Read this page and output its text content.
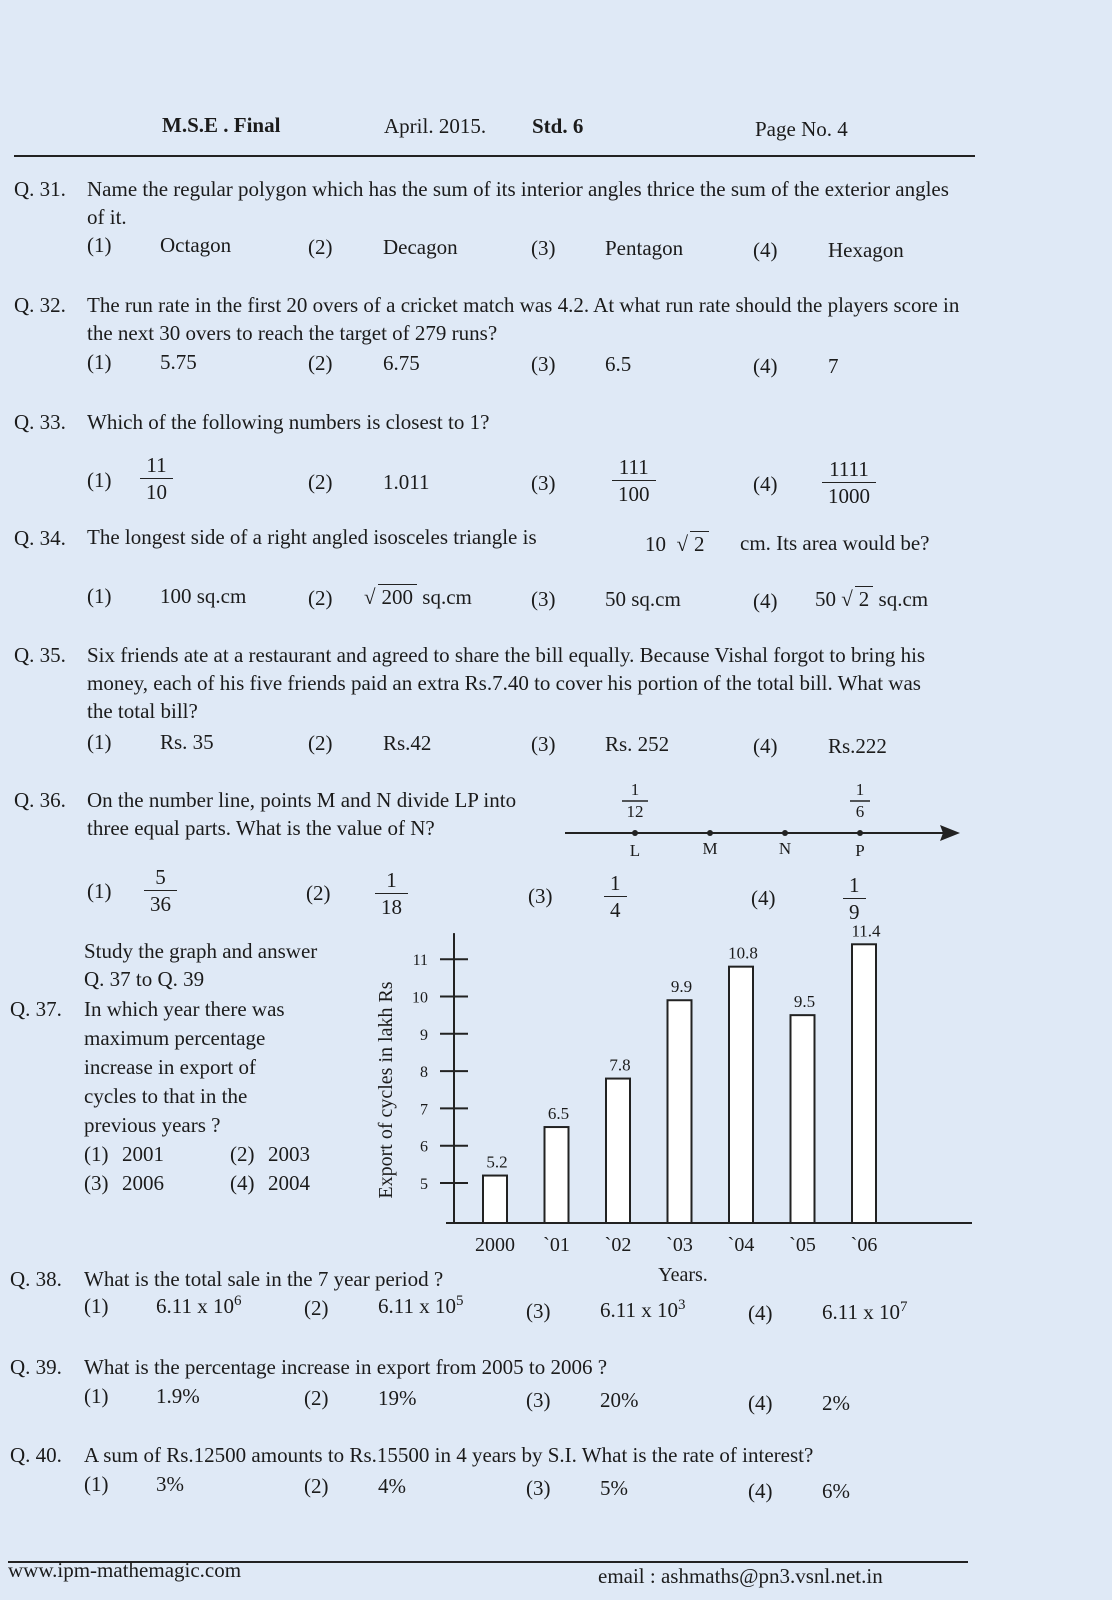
M.S.E . Final	April. 2015. Std. 6	Page No. 4
Q. 31. Name the regular polygon which has the sum of its interior angles thrice the sum of the exterior angles of it.
(1) Octagon	(2) Decagon	(3) Pentagon	(4) Hexagon
Q. 32. The run rate in the first 20 overs of a cricket match was 4.2. At what run rate should the players score in the next 30 overs to reach the target of 279 runs?
(1) 5.75	(2) 6.75	(3) 6.5	(4) 7
Q. 33. Which of the following numbers is closest to 1?
$(1) \frac{11}{10}$	(2) 1.011	(3)	$\frac{111}{100}$	$(4) \frac{1111}{1000}$
Q. 34. The longest side of a right angled isosceles triangle is	10  √ 2 cm. Its area would be?
(1) 100 sq.cm	(2) √ 200 sq.cm	(3) 50 sq.cm	(4) 50 √ 2 sq.cm
Q. 35. Six friends ate at a restaurant and agreed to share the bill equally. Because Vishal forgot to bring his money, each of his five friends paid an extra Rs.7.40 to cover his portion of the total bill. What was the total bill?
(1) Rs. 35	(2) Rs.42	(3) Rs. 252	(4) Rs.222
Q. 36. On the number line, points M and N divide LP into three equal parts. What is the value of N?
1
12
1
6
L	M	N	P
$(1) \frac{5}{36}$	$(2) \frac{1}{18}$	$(3) \frac{1}{4}$	(4)	$\frac{1}{9}$
Study the graph and answer
Q. 37 to Q. 39
Q. 37. In which year there was
maximum percentage
increase in export of
cycles to that in the
previous years ?
(1) 2001	(2) 2003
(3) 2006	(4) 2004	Export of cycles in lakh Rs
Years.
5
6
7
8
9
10
11
5.2
2000
6.5
`01
7.8
`02
9.9
`03
10.8
`04
9.5
`05
11.4
`06
Q. 38. What is the total sale in the 7 year period ?
(1) 6.11 x $10^6$	(2) 6.11 x $10^5$	(3) 6.11 x $10^3$	(4) 6.11 x $10^7$
Q. 39. What is the percentage increase in export from 2005 to 2006 ?
(1) 1.9%	(2) 19%	(3) 20%	(4) 2%
Q. 40. A sum of Rs.12500 amounts to Rs.15500 in 4 years by S.I. What is the rate of interest?
(1) 3%	(2) 4%	(3) 5%	(4) 6%
www.ipm-mathemagic.com	email : ashmaths@pn3.vsnl.net.in
